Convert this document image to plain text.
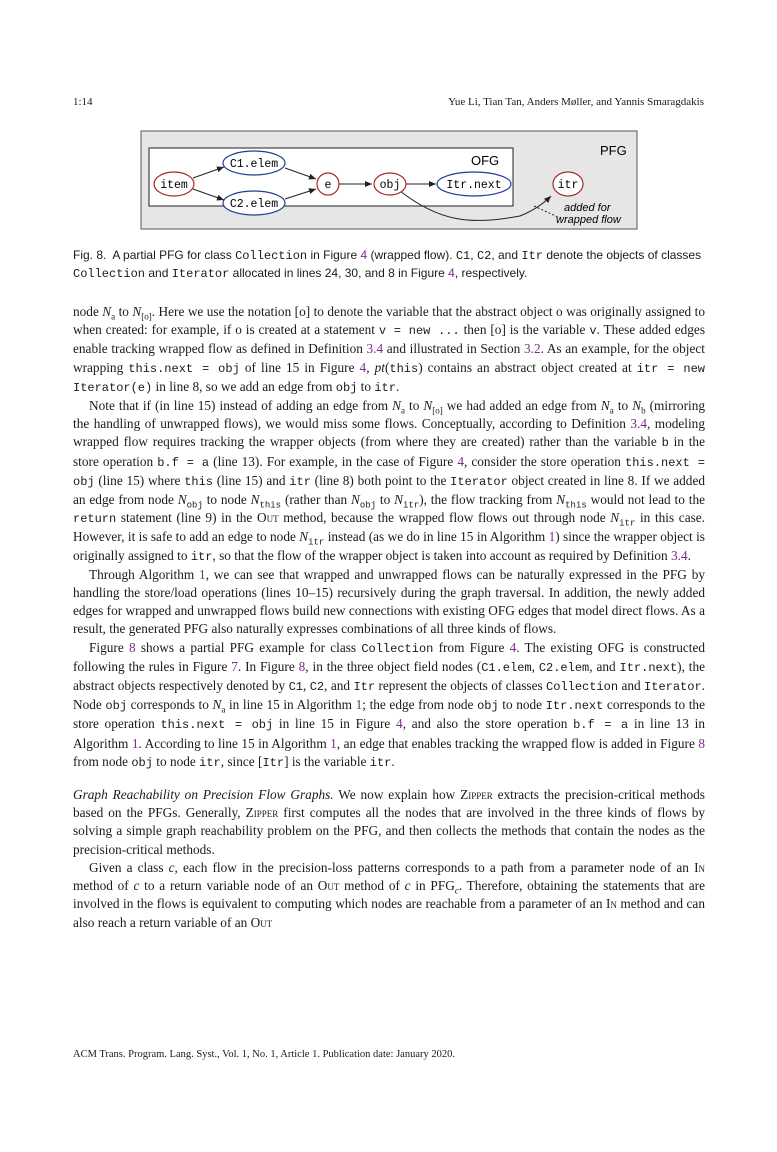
1:14	Yue Li, Tian Tan, Anders Møller, and Yannis Smaragdakis
PFG
OFG
item
C1.elem
C2.elem
e	obj	Itr.next	itr
added for
wrapped flow
Fig. 8. A partial PFG for class Collection in Figure 4 (wrapped flow). C1, C2, and Itr denote the objects of classes Collection and Iterator allocated in lines 24, 30, and 8 in Figure 4, respectively.

node $N_a$ to $N_{[o]}$. Here we use the notation [o] to denote the variable that the abstract object o was originally assigned to when created: for example, if o is created at a statement v = new ... then [o] is the variable v. These added edges enable tracking wrapped flow as defined in Definition 3.4 and illustrated in Section 3.2. As an example, for the object wrapping this.next = obj of line 15 in Figure 4, pt(this) contains an abstract object created at itr = new Iterator(e) in line 8, so we add an edge from obj to itr.

Note that if (in line 15) instead of adding an edge from $N_a$ to $N_{[o]}$ we had added an edge from $N_a$ to $N_b$ (mirroring the handling of unwrapped flows), we would miss some flows. Conceptually, according to Definition 3.4, modeling wrapped flow requires tracking the wrapper objects (from where they are created) rather than the variable b in the store operation b.f = a (line 13). For example, in the case of Figure 4, consider the store operation this.next = obj (line 15) where this (line 15) and itr (line 8) both point to the Iterator object created in line 8. If we added an edge from node $N_{obj}$ to node $N_{this}$ (rather than $N_{obj}$ to $N_{itr}$), the flow tracking from $N_{this}$ would not lead to the return statement (line 9) in the Out method, because the wrapped flow flows out through node $N_{itr}$ in this case. However, it is safe to add an edge to node $N_{itr}$ instead (as we do in line 15 in Algorithm 1) since the wrapper object is originally assigned to itr, so that the flow of the wrapper object is taken into account as required by Definition 3.4.

Through Algorithm 1, we can see that wrapped and unwrapped flows can be naturally expressed in the PFG by handling the store/load operations (lines 10–15) recursively during the graph traversal. In addition, the newly added edges for wrapped and unwrapped flows build new connections with existing OFG edges that model direct flows. As a result, the generated PFG also naturally expresses combinations of all three kinds of flows.

Figure 8 shows a partial PFG example for class Collection from Figure 4. The existing OFG is constructed following the rules in Figure 7. In Figure 8, in the three object field nodes (C1.elem, C2.elem, and Itr.next), the abstract objects respectively denoted by C1, C2, and Itr represent the objects of classes Collection and Iterator. Node obj corresponds to $N_a$ in line 15 in Algorithm 1; the edge from node obj to node Itr.next corresponds to the store operation this.next = obj in line 15 in Figure 4, and also the store operation b.f = a in line 13 in Algorithm 1. According to line 15 in Algorithm 1, an edge that enables tracking the wrapped flow is added in Figure 8 from node obj to node itr, since [Itr] is the variable itr.

Graph Reachability on Precision Flow Graphs. We now explain how Zipper extracts the precision-critical methods based on the PFGs. Generally, Zipper first computes all the nodes that are involved in the three kinds of flows by solving a simple graph reachability problem on the PFG, and then collects the methods that contain the nodes as the precision-critical methods.

Given a class c, each flow in the precision-loss patterns corresponds to a path from a parameter node of an In method of c to a return variable node of an Out method of c in $PFG_c$. Therefore, obtaining the statements that are involved in the flows is equivalent to computing which nodes are reachable from a parameter of an In method and can also reach a return variable of an Out

ACM Trans. Program. Lang. Syst., Vol. 1, No. 1, Article 1. Publication date: January 2020.
